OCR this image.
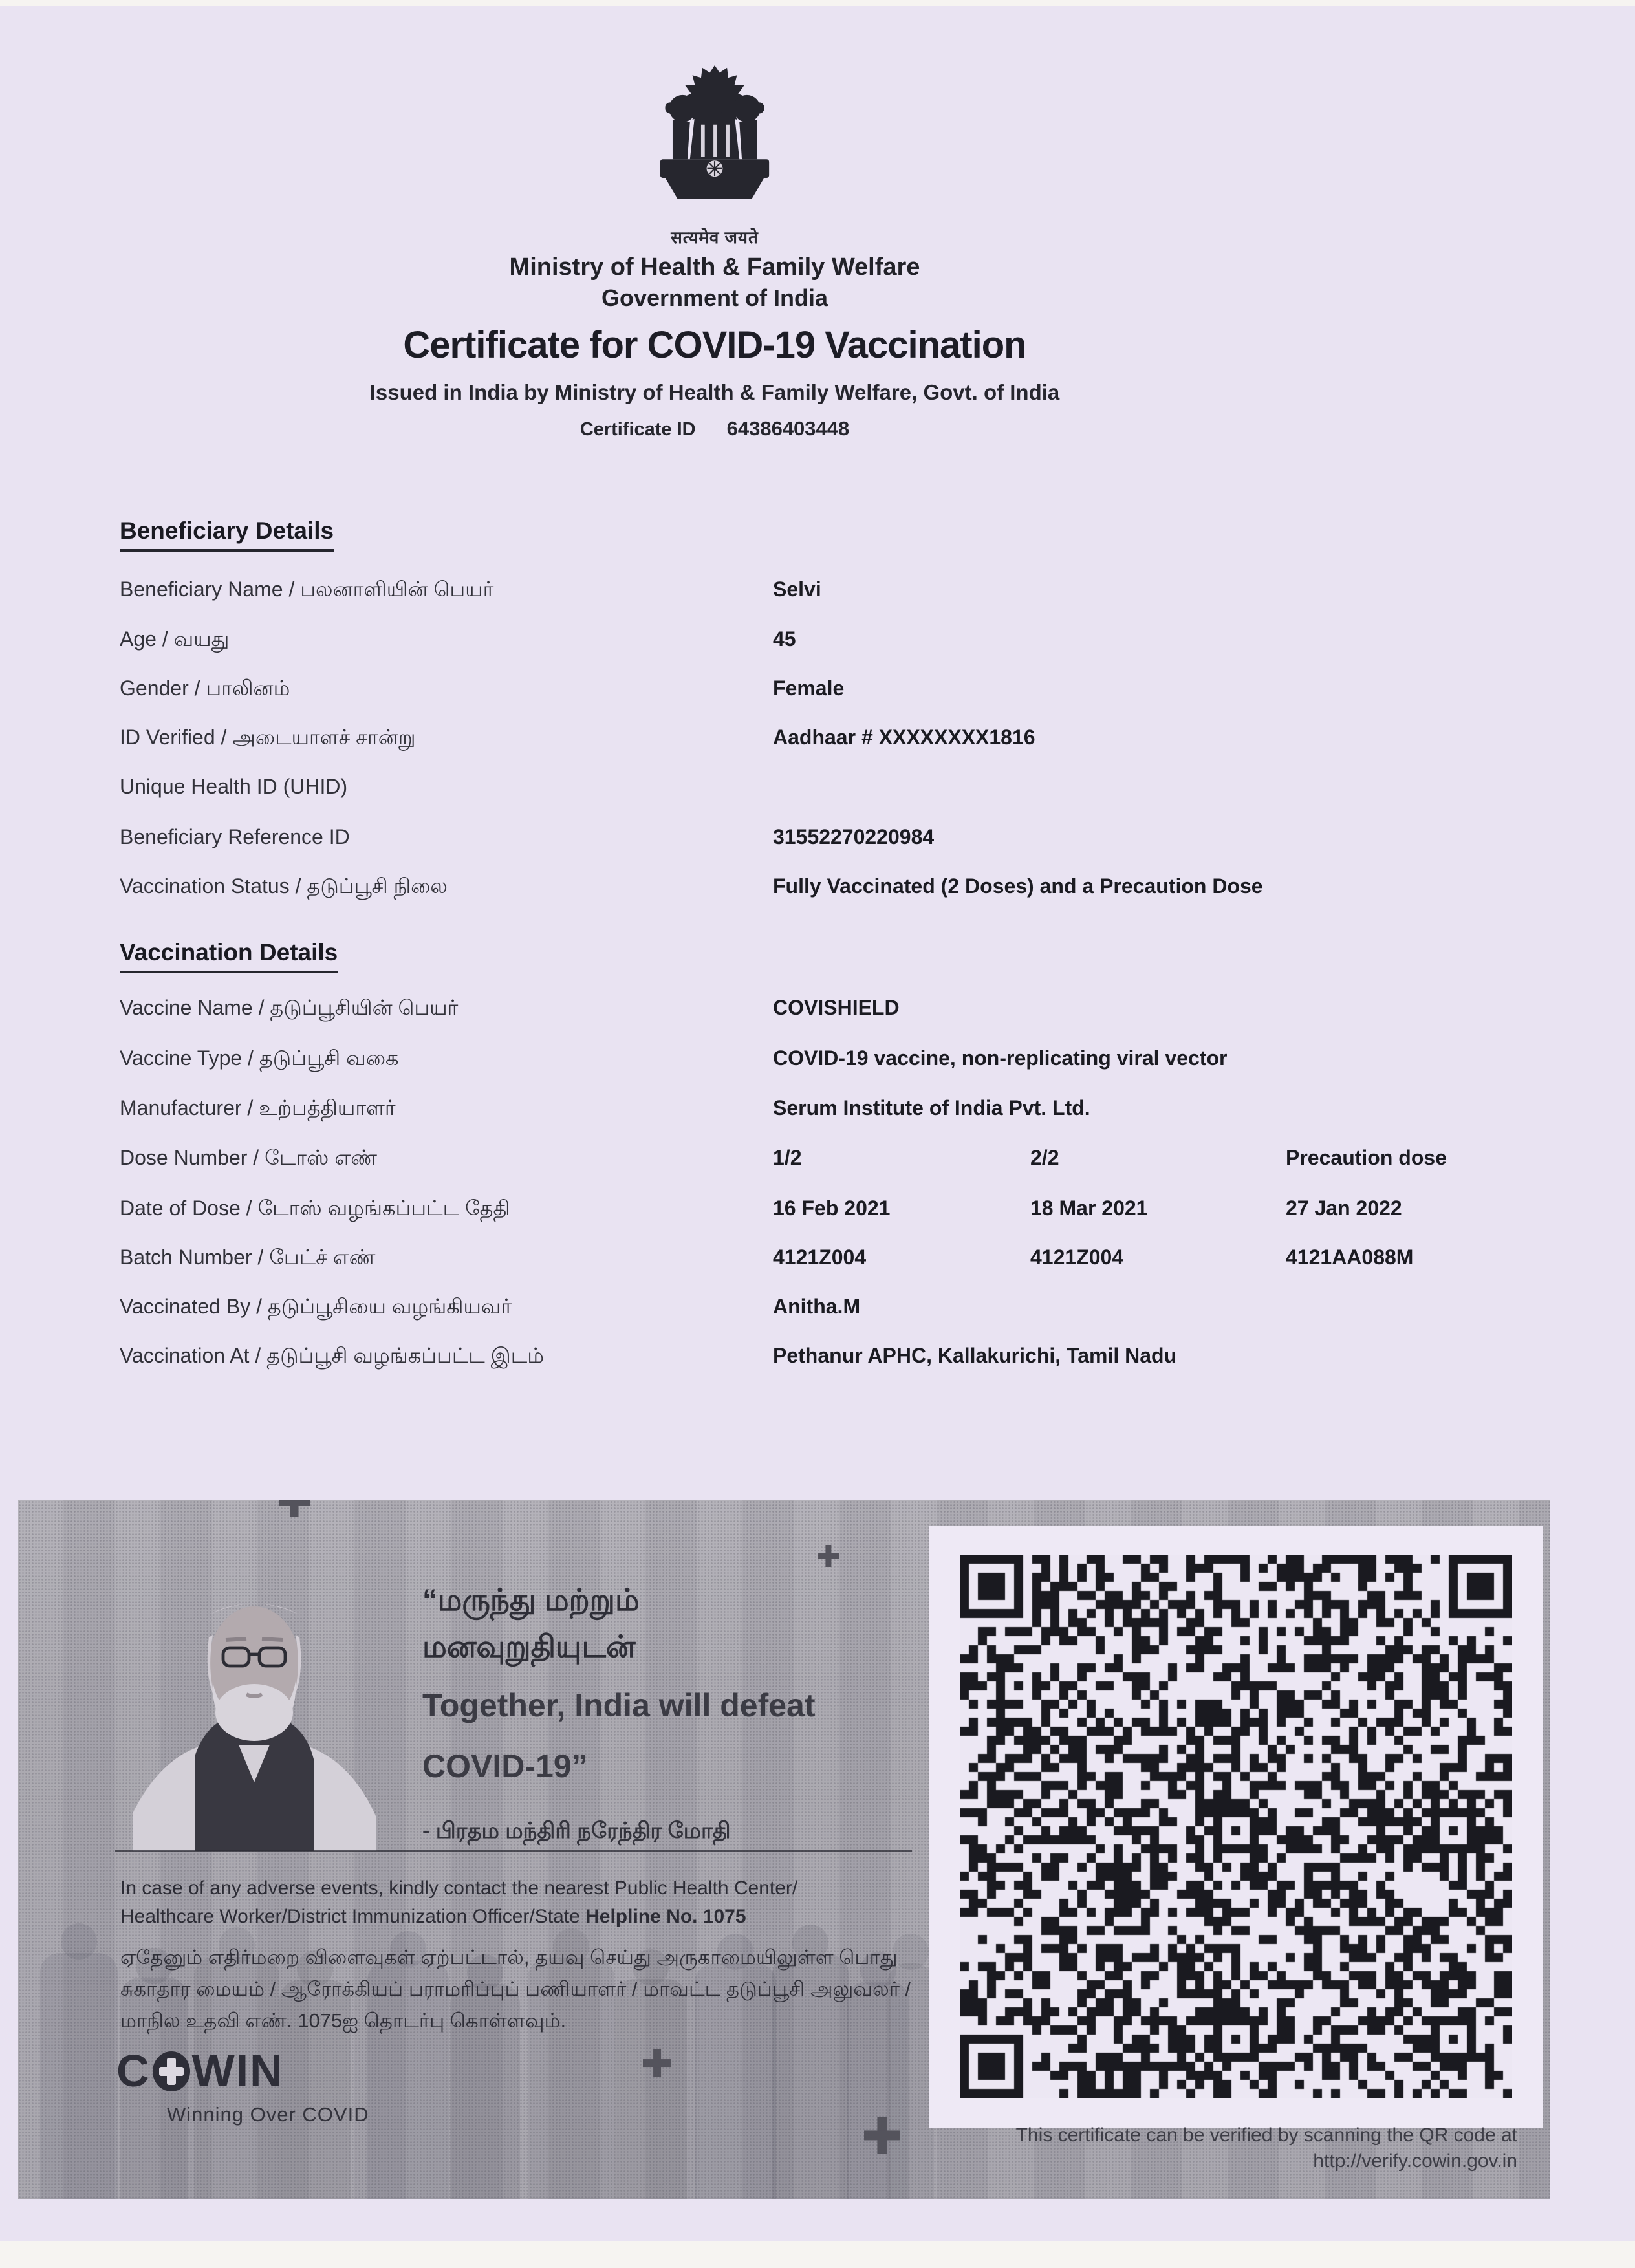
सत्यमेव जयते
Ministry of Health & Family Welfare
Government of India
Certificate for COVID-19 Vaccination
Issued in India by Ministry of Health & Family Welfare, Govt. of India
Certificate ID 64386403448
Beneficiary Details
Beneficiary Name / பலனாளியின் பெயர்	Selvi
Age / வயது	45
Gender / பாலினம்	Female
ID Verified / அடையாளச் சான்று	Aadhaar # XXXXXXXX1816
Unique Health ID (UHID)
Beneficiary Reference ID	31552270220984
Vaccination Status / தடுப்பூசி நிலை	Fully Vaccinated (2 Doses) and a Precaution Dose
Vaccination Details
Vaccine Name / தடுப்பூசியின் பெயர்	COVISHIELD
Vaccine Type / தடுப்பூசி வகை	COVID-19 vaccine, non-replicating viral vector
Manufacturer / உற்பத்தியாளர்	Serum Institute of India Pvt. Ltd.
Dose Number / டோஸ் எண்	1/2	2/2	Precaution dose
Date of Dose / டோஸ் வழங்கப்பட்ட தேதி	16 Feb 2021	18 Mar 2021	27 Jan 2022
Batch Number / பேட்ச் எண்	4121Z004	4121Z004	4121AA088M
Vaccinated By / தடுப்பூசியை வழங்கியவர்	Anitha.M
Vaccination At / தடுப்பூசி வழங்கப்பட்ட இடம்	Pethanur APHC, Kallakurichi, Tamil Nadu
“மருந்து மற்றும்
மனவுறுதியுடன்
Together, India will defeat
COVID-19”
- பிரதம மந்திரி நரேந்திர மோதி
In case of any adverse events, kindly contact the nearest Public Health Center/
Healthcare Worker/District Immunization Officer/State Helpline No. 1075
ஏதேனும் எதிர்மறை விளைவுகள் ஏற்பட்டால், தயவு செய்து அருகாமையிலுள்ள பொது
சுகாதார மையம் / ஆரோக்கியப் பராமரிப்புப் பணியாளர் / மாவட்ட தடுப்பூசி அலுவலர் /
மாநில உதவி எண். 1075ஐ தொடர்பு கொள்ளவும்.
C WIN
Winning Over COVID
This certificate can be verified by scanning the QR code at
http://verify.cowin.gov.in
